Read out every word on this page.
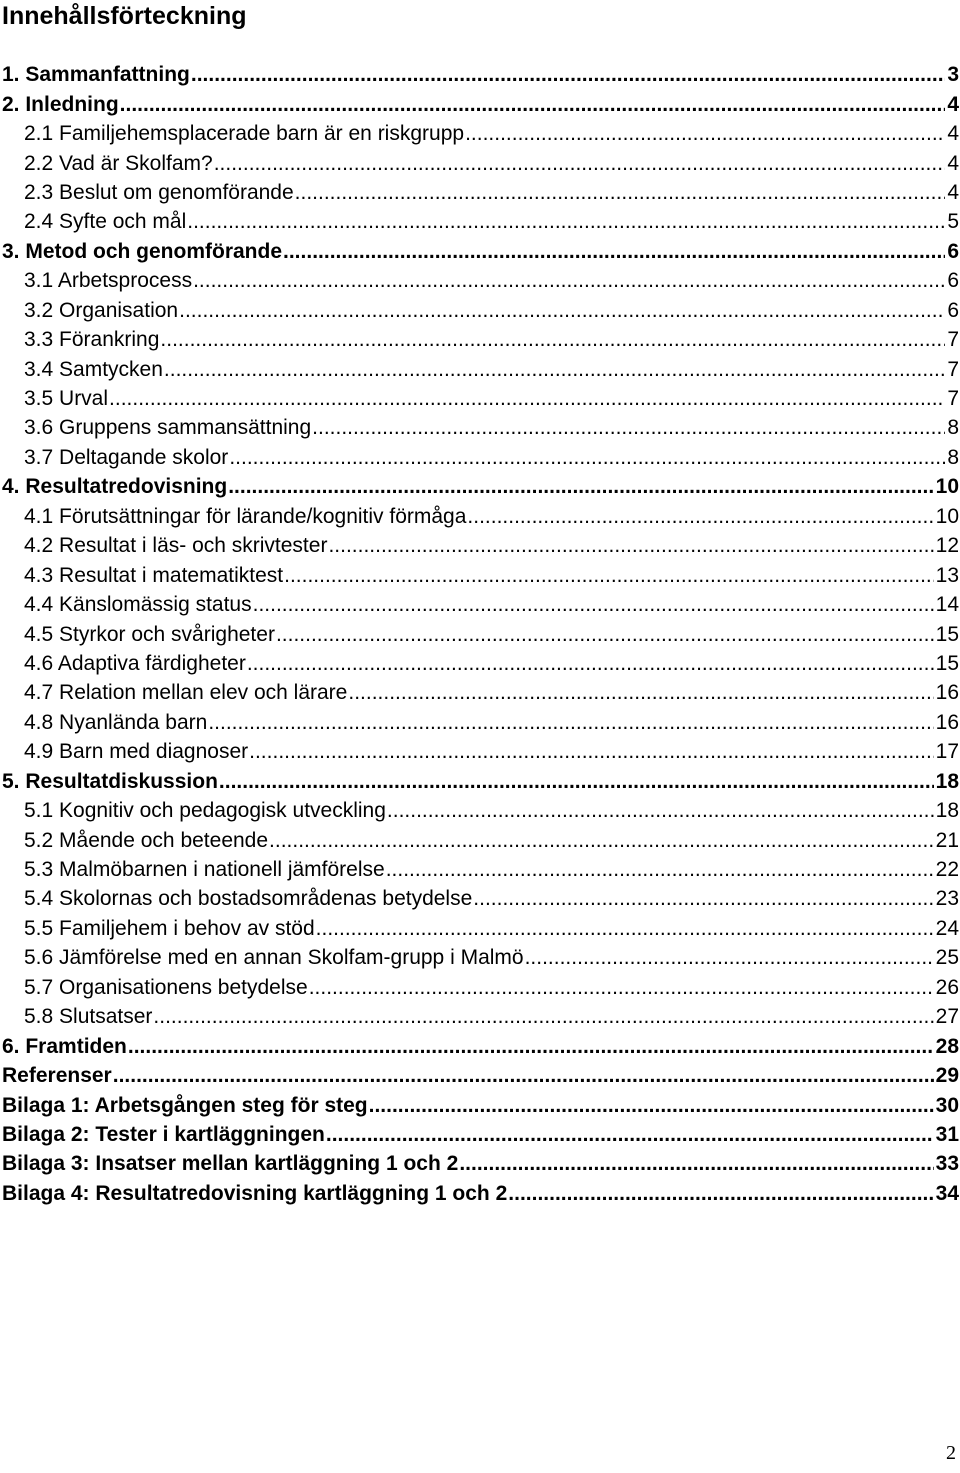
Innehållsförteckning
1. Sammanfattning .....	3
2. Inledning .....	4
2.1 Familjehemsplacerade barn är en riskgrupp .....	4
2.2 Vad är Skolfam? .....	4
2.3 Beslut om genomförande .....	4
2.4 Syfte och mål .....	5
3. Metod och genomförande .....	6
3.1 Arbetsprocess .....	6
3.2 Organisation .....	6
3.3 Förankring .....	7
3.4 Samtycken .....	7
3.5 Urval .....	7
3.6 Gruppens sammansättning .....	8
3.7 Deltagande skolor .....	8
4. Resultatredovisning .....	10
4.1 Förutsättningar för lärande/kognitiv förmåga .....	10
4.2 Resultat i läs- och skrivtester .....	12
4.3 Resultat i matematiktest .....	13
4.4 Känslomässig status .....	14
4.5 Styrkor och svårigheter .....	15
4.6 Adaptiva färdigheter .....	15
4.7 Relation mellan elev och lärare .....	16
4.8 Nyanlända barn .....	16
4.9 Barn med diagnoser .....	17
5. Resultatdiskussion .....	18
5.1 Kognitiv och pedagogisk utveckling .....	18
5.2 Mående och beteende .....	21
5.3 Malmöbarnen i nationell jämförelse .....	22
5.4 Skolornas och bostadsområdenas betydelse .....	23
5.5 Familjehem i behov av stöd .....	24
5.6 Jämförelse med en annan Skolfam-grupp i Malmö .....	25
5.7 Organisationens betydelse .....	26
5.8 Slutsatser .....	27
6. Framtiden .....	28
Referenser .....	29
Bilaga 1: Arbetsgången steg för steg .....	30
Bilaga 2: Tester i kartläggningen .....	31
Bilaga 3: Insatser mellan kartläggning 1 och 2 .....	33
Bilaga 4: Resultatredovisning kartläggning 1 och 2 .....	34
2
